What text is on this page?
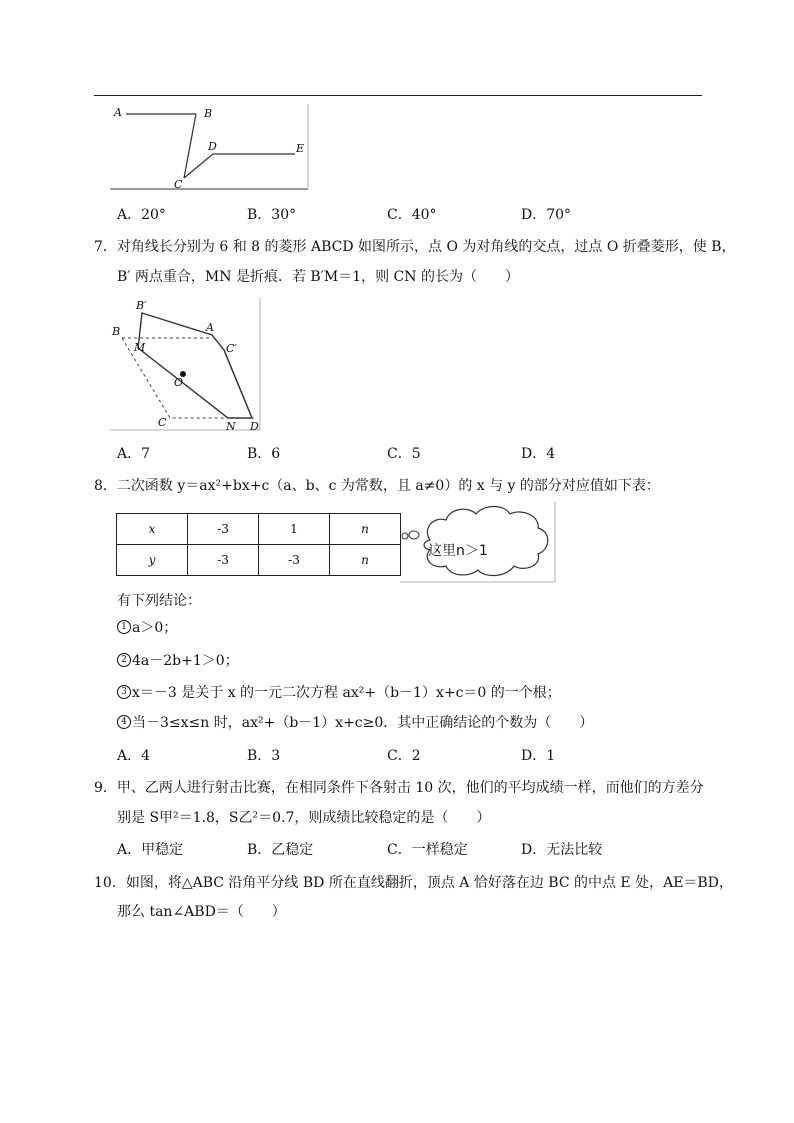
A	B
D	E
C
A．20°	B．30°	C．40°	D．70°
7．对角线长分别为 6 和 8 的菱形 ABCD 如图所示，点 O 为对角线的交点，过点 O 折叠菱形，使 B，
B′ 两点重合，MN 是折痕．若 B′M＝1，则 CN 的长为（　　）
B′
B	A
C′
M
O
C	N D
A．7	B．6	C．5	D．4
8．二次函数 y＝ax²+bx+c（a、b、c 为常数，且 a≠0）的 x 与 y 的部分对应值如下表：
x	-3	1	n
y	-3	-3	n
这里n＞1
有下列结论：
1 a＞0；
2 4a－2b+1＞0；
3 x＝－3 是关于 x 的一元二次方程 ax²+（b－1）x+c＝0 的一个根；
4 当－3≤x≤n 时，ax²+（b－1）x+c≥0．其中正确结论的个数为（　　）
A．4	B．3	C．2	D．1
9．甲、乙两人进行射击比赛，在相同条件下各射击 10 次，他们的平均成绩一样，而他们的方差分
别是 S甲²＝1.8，S乙²＝0.7，则成绩比较稳定的是（　　）
A．甲稳定	B．乙稳定	C．一样稳定	D．无法比较
10．如图，将△ABC 沿角平分线 BD 所在直线翻折，顶点 A 恰好落在边 BC 的中点 E 处，AE＝BD，
那么 tan∠ABD＝（　　）
